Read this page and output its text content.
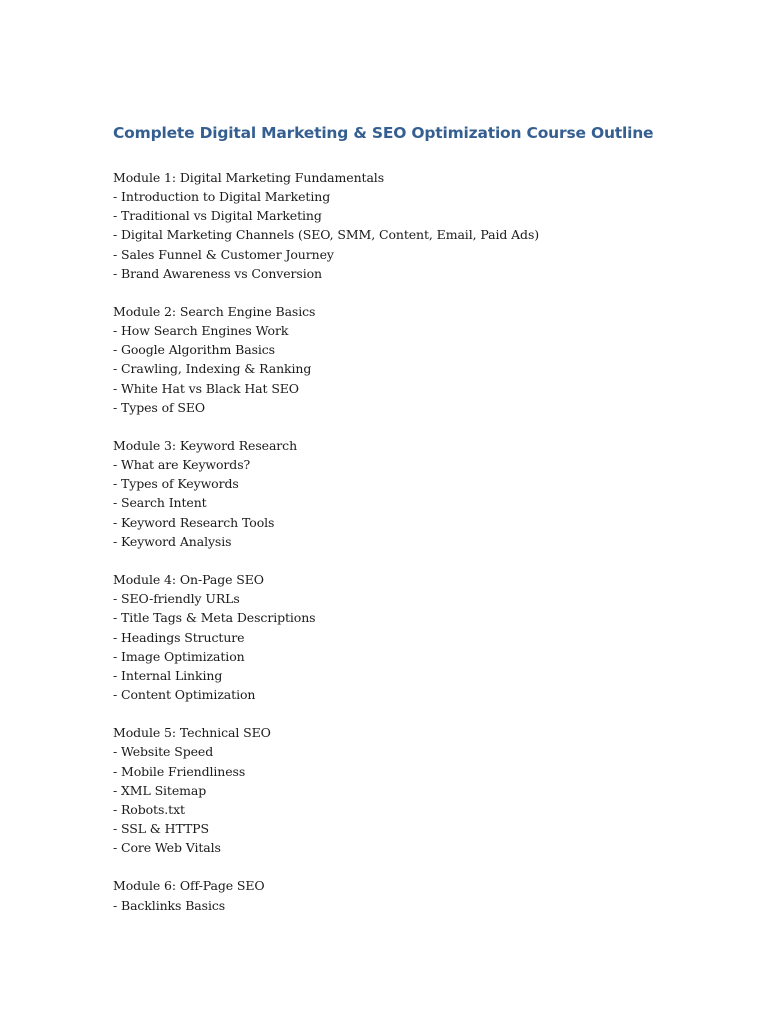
Complete Digital Marketing & SEO Optimization Course Outline
Module 1: Digital Marketing Fundamentals
- Introduction to Digital Marketing
- Traditional vs Digital Marketing
- Digital Marketing Channels (SEO, SMM, Content, Email, Paid Ads)
- Sales Funnel & Customer Journey
- Brand Awareness vs Conversion
Module 2: Search Engine Basics
- How Search Engines Work
- Google Algorithm Basics
- Crawling, Indexing & Ranking
- White Hat vs Black Hat SEO
- Types of SEO
Module 3: Keyword Research
- What are Keywords?
- Types of Keywords
- Search Intent
- Keyword Research Tools
- Keyword Analysis
Module 4: On-Page SEO
- SEO-friendly URLs
- Title Tags & Meta Descriptions
- Headings Structure
- Image Optimization
- Internal Linking
- Content Optimization
Module 5: Technical SEO
- Website Speed
- Mobile Friendliness
- XML Sitemap
- Robots.txt
- SSL & HTTPS
- Core Web Vitals
Module 6: Off-Page SEO
- Backlinks Basics
